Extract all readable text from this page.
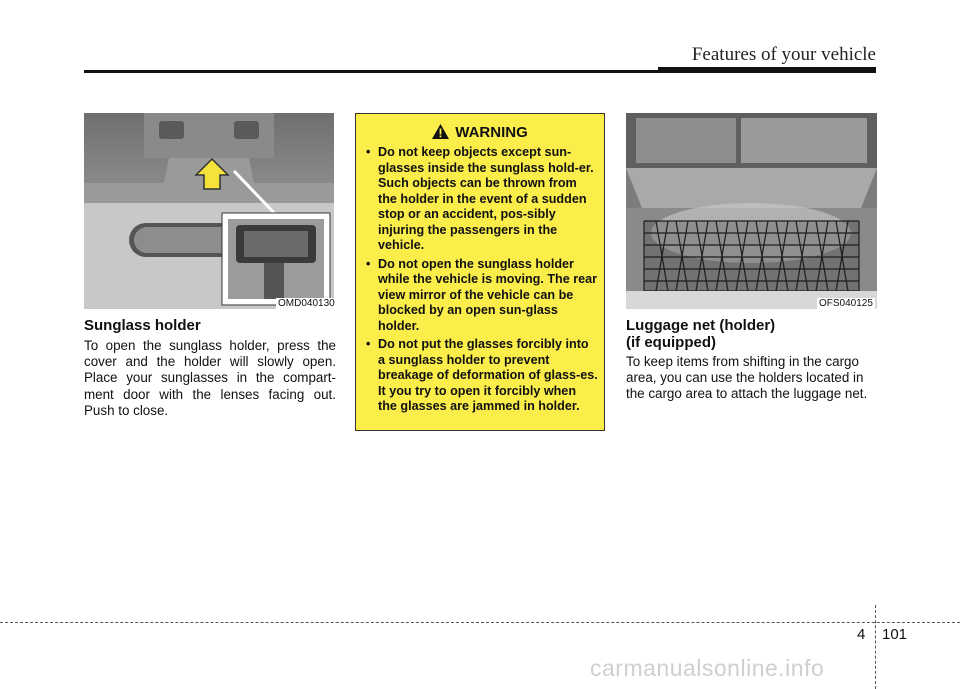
Features of your vehicle
OMD040130
Sunglass holder
To open the sunglass holder, press the cover and the holder will slowly open. Place your sunglasses in the compart-ment door with the lenses facing out. Push to close.
WARNING
• Do not keep objects except sun-glasses inside the sunglass hold-er. Such objects can be thrown from the holder in the event of a sudden stop or an accident, pos-sibly injuring the passengers in the vehicle.
• Do not open the sunglass holder while the vehicle is moving. The rear view mirror of the vehicle can be blocked by an open sun-glass holder.
• Do not put the glasses forcibly into a sunglass holder to prevent breakage of deformation of glass-es. It you try to open it forcibly when the glasses are jammed in holder.
OFS040125
Luggage net (holder)
(if equipped)
To keep items from shifting in the cargo area, you can use the holders located in the cargo area to attach the luggage net.
4 101
carmanualsonline.info
